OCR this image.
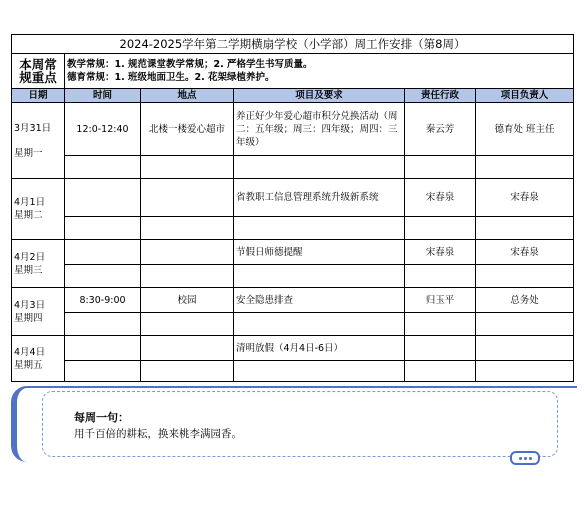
2024-2025学年第二学期横扇学校（小学部）周工作安排（第8周）					
本周常规重点	教学常规：1. 规范课堂教学常规；2. 严格学生书写质量。
德育常规：1. 班级地面卫生。2. 花架绿植养护。				

日期	时间	地点	项目及要求	责任行政	项目负责人
3月31日
星期一	12:0-12:40	北楼一楼爱心超市	养正好少年爱心超市积分兑换活动（周二：五年级；周三：四年级；周四：三年级）	秦云芳	德育处 班主任

4月1日
星期二			省教职工信息管理系统升级新系统	宋春泉	宋春泉

4月2日
星期三			节假日师德提醒	宋春泉	宋春泉

4月3日
星期四	8:30-9:00	校园	安全隐患排查	归玉平	总务处

4月4日
星期五			清明放假（4月4日-6日）		

每周一句：
用千百倍的耕耘，换来桃李满园香。
